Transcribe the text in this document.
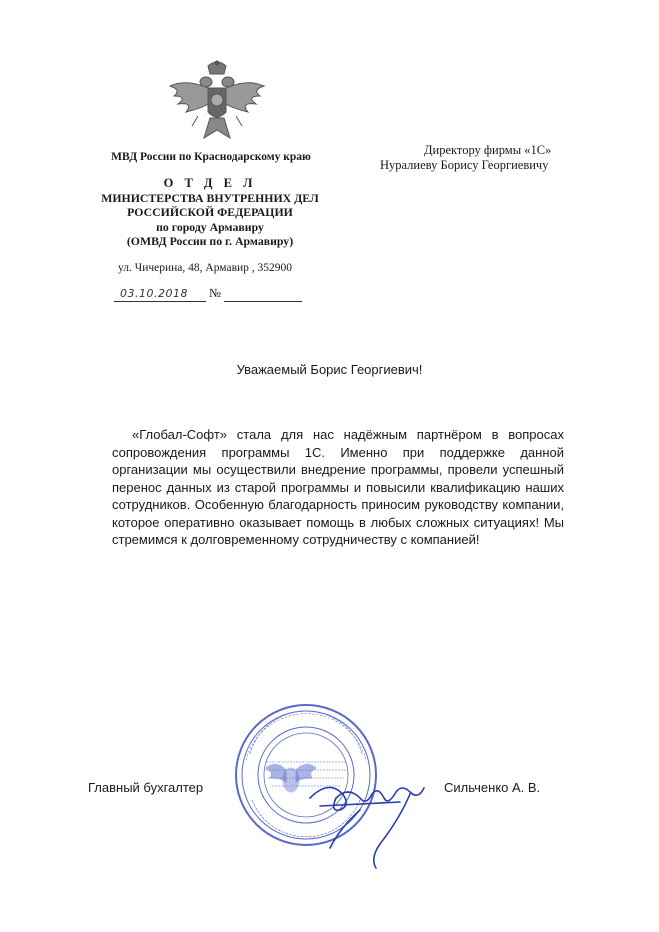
МВД России по Краснодарскому краю
О Т Д Е Л
МИНИСТЕРСТВА ВНУТРЕННИХ ДЕЛ
РОССИЙСКОЙ ФЕДЕРАЦИИ
по городу Армавиру
(ОМВД России по г. Армавиру)
ул. Чичерина, 48, Армавир , 352900
03.10.2018 №
Директору фирмы «1С»
Нуралиеву Борису Георгиевичу
Уважаемый Борис Георгиевич!
«Глобал-Софт» стала для нас надёжным партнёром в вопросах сопровождения программы 1С. Именно при поддержке данной организации мы осуществили внедрение программы, провели успешный перенос данных из старой программы и повысили квалификацию наших сотрудников. Особенную благодарность приносим руководству компании, которое оперативно оказывает помощь в любых сложных ситуациях! Мы стремимся к долговременному сотрудничеству с компанией!
Главный бухгалтер	Сильченко А. В.
